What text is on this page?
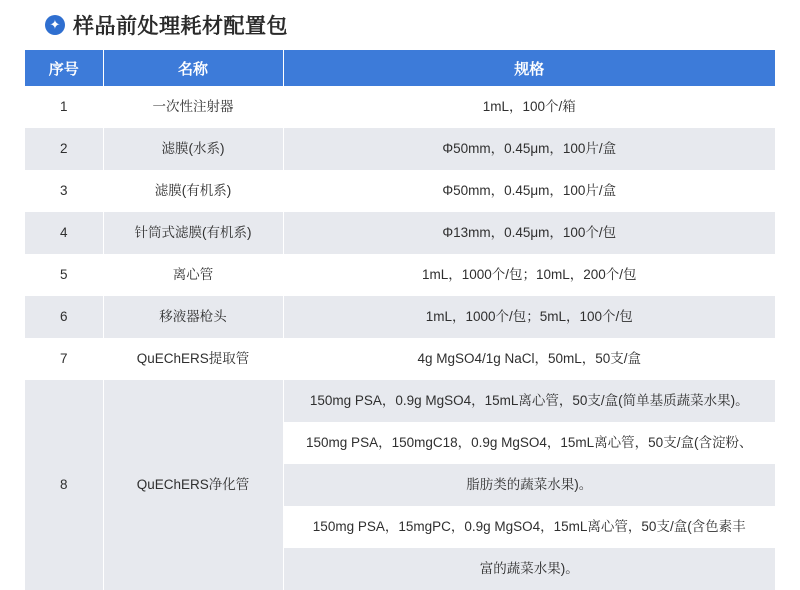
✦ 样品前处理耗材配置包
序号	名称	规格
1	一次性注射器	1mL，100个/箱
2	滤膜(水系)	Φ50mm，0.45μm，100片/盒
3	滤膜(有机系)	Φ50mm，0.45μm，100片/盒
4	针筒式滤膜(有机系)	Φ13mm，0.45μm，100个/包
5	离心管	1mL，1000个/包；10mL，200个/包
6	移液器枪头	1mL，1000个/包；5mL，100个/包
7	QuEChERS提取管	4g MgSO4/1g NaCl，50mL，50支/盒
8	QuEChERS净化管	150mg PSA，0.9g MgSO4，15mL离心管，50支/盒(简单基质蔬菜水果)。
		150mg PSA，150mgC18，0.9g MgSO4，15mL离心管，50支/盒(含淀粉、
		脂肪类的蔬菜水果)。
		150mg PSA，15mgPC，0.9g MgSO4，15mL离心管，50支/盒(含色素丰
		富的蔬菜水果)。
